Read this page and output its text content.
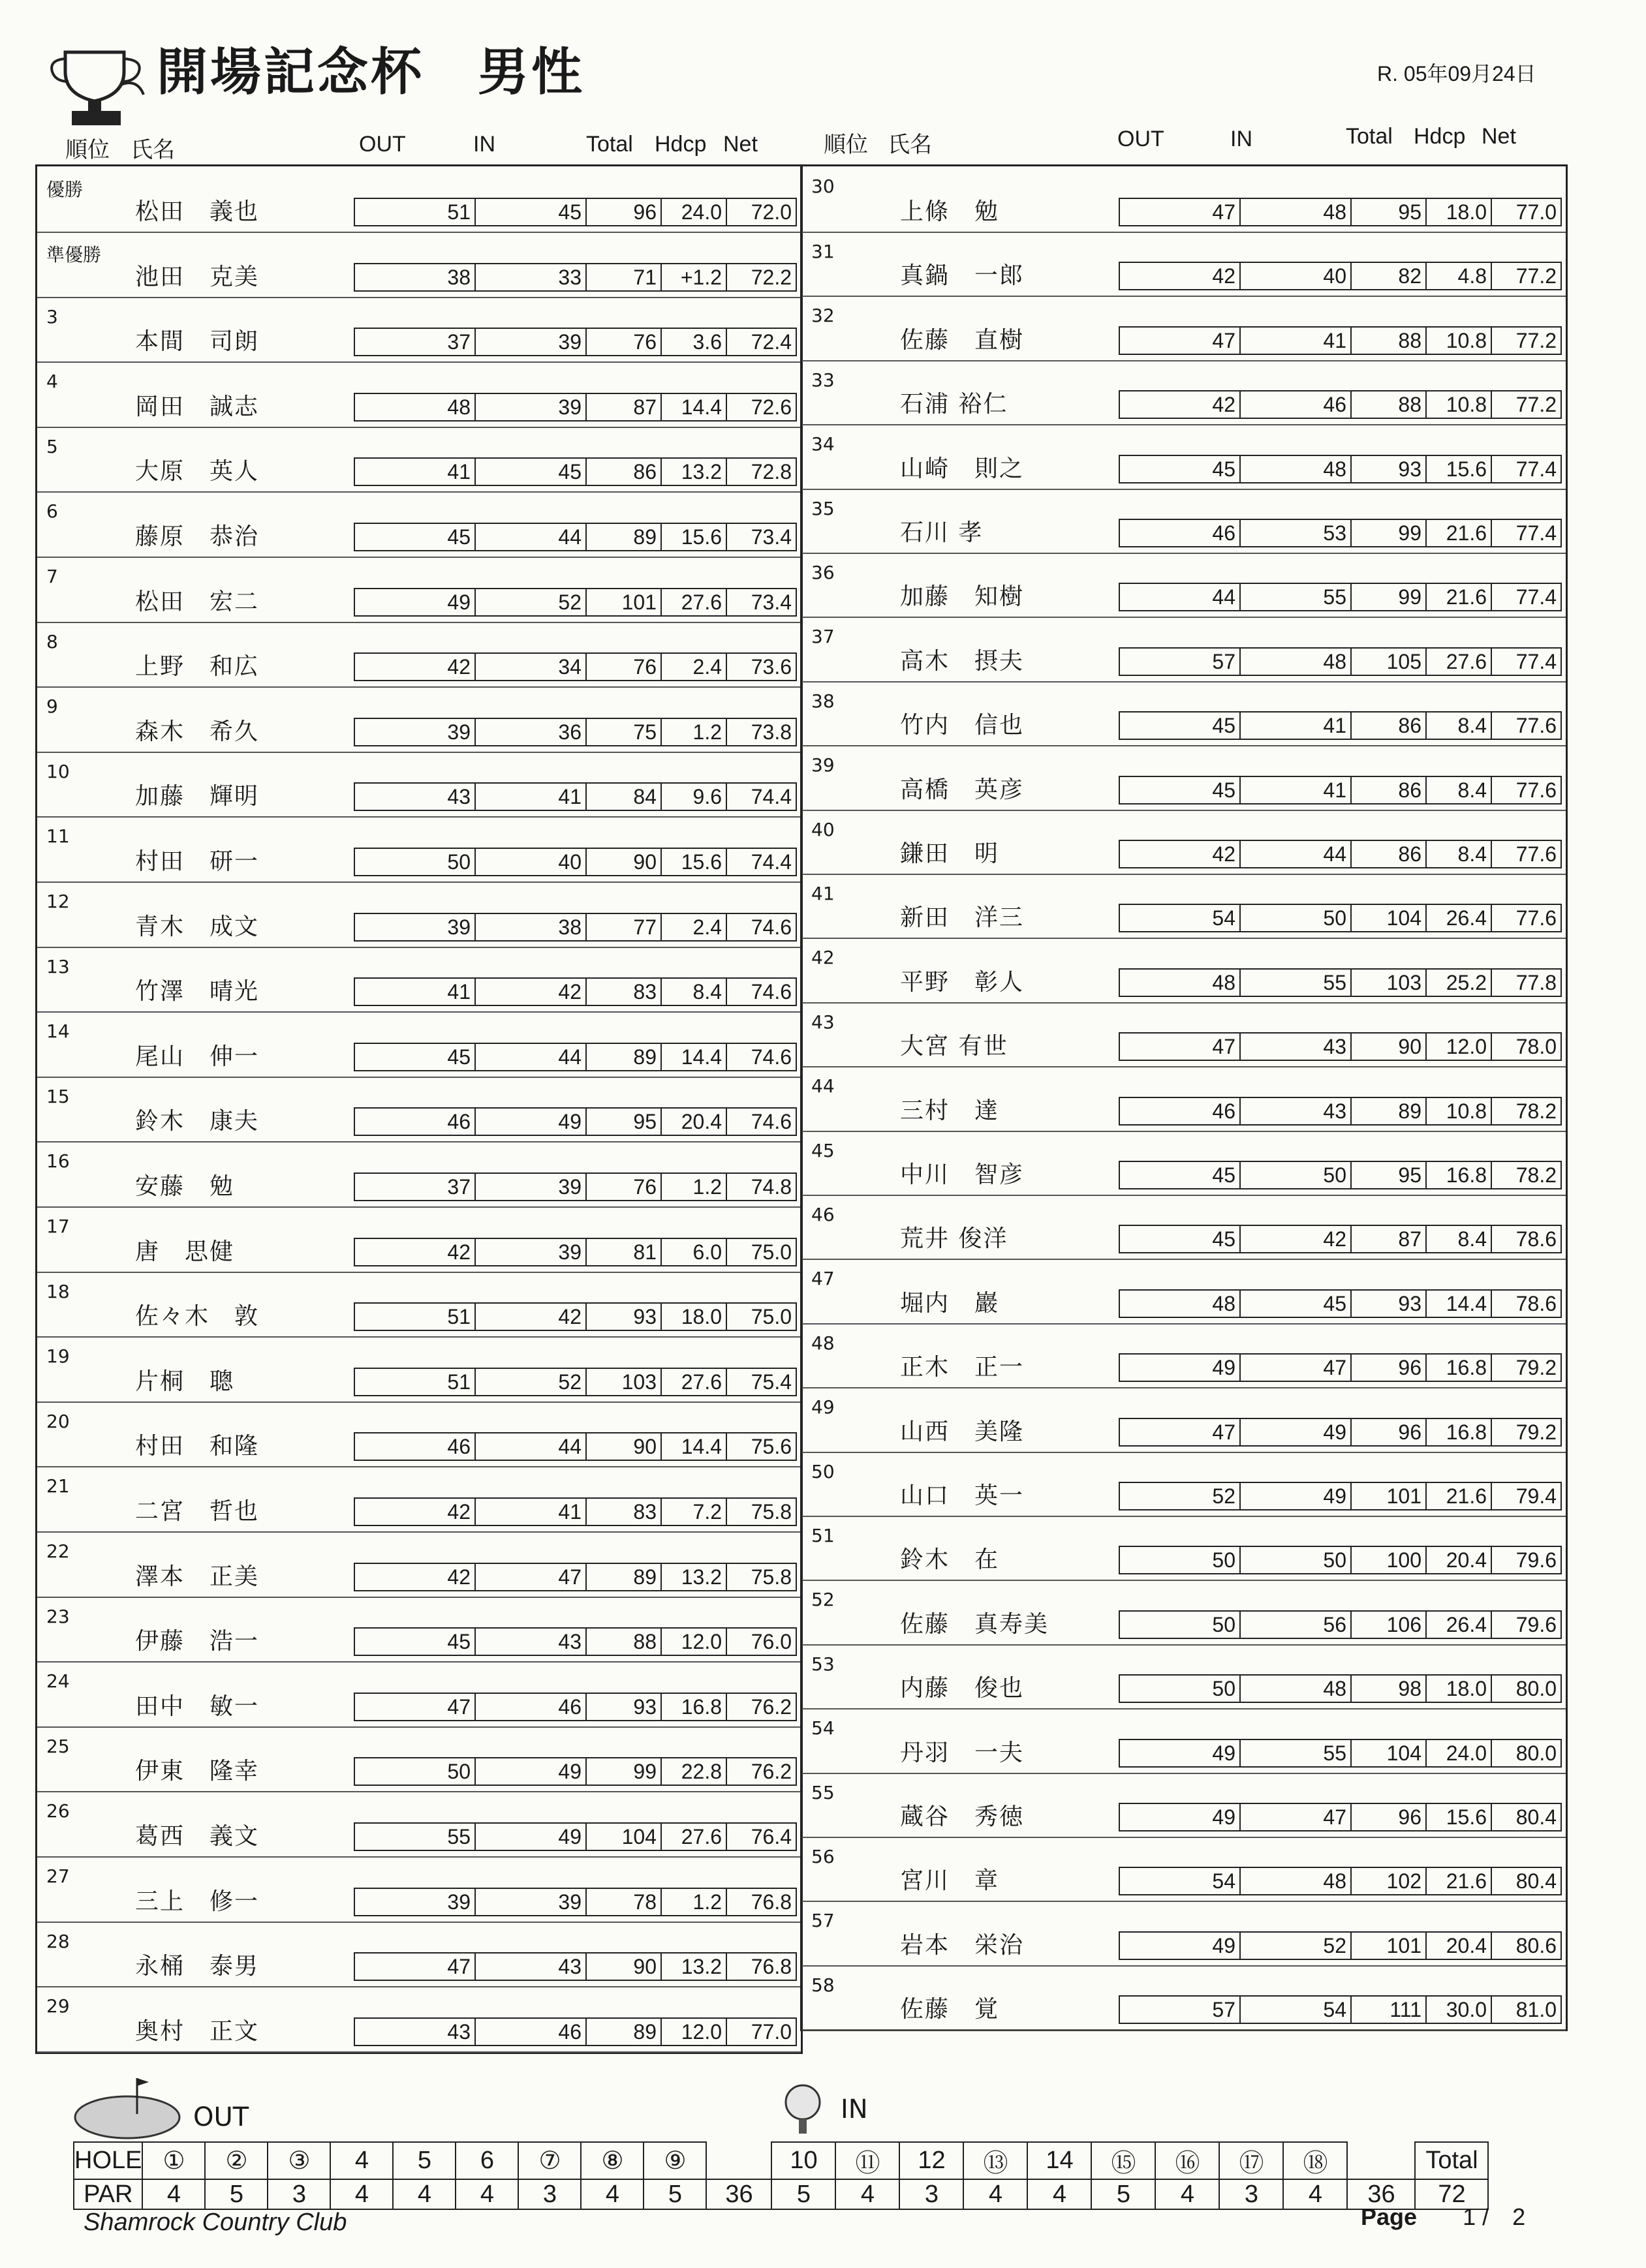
開場記念杯　男性	R. 05年09月24日
順位 氏名	OUT	IN	Total Hdcp Net	順位 氏名	OUT	IN	Total Hdcp Net
優勝
松田　義也	51	45	96	24.0	72.0
準優勝
池田　克美	38	33	71	+1.2	72.2
3
本間　司朗	37	39	76	3.6	72.4
4
岡田　誠志	48	39	87	14.4	72.6
5
大原　英人	41	45	86	13.2	72.8
6
藤原　恭治	45	44	89	15.6	73.4
7
松田　宏二	49	52	101	27.6	73.4
8
上野　和広	42	34	76	2.4	73.6
9
森木　希久	39	36	75	1.2	73.8
10
加藤　輝明	43	41	84	9.6	74.4
11
村田　研一	50	40	90	15.6	74.4
12
青木　成文	39	38	77	2.4	74.6
13
竹澤　晴光	41	42	83	8.4	74.6
14
尾山　伸一	45	44	89	14.4	74.6
15
鈴木　康夫	46	49	95	20.4	74.6
16
安藤　勉	37	39	76	1.2	74.8
17
唐　思健	42	39	81	6.0	75.0
18
佐々木　敦	51	42	93	18.0	75.0
19
片桐　聰	51	52	103	27.6	75.4
20
村田　和隆	46	44	90	14.4	75.6
21
二宮　哲也	42	41	83	7.2	75.8
22
澤本　正美	42	47	89	13.2	75.8
23
伊藤　浩一	45	43	88	12.0	76.0
24
田中　敏一	47	46	93	16.8	76.2
25
伊東　隆幸	50	49	99	22.8	76.2
26
葛西　義文	55	49	104	27.6	76.4
27
三上　修一	39	39	78	1.2	76.8
28
永桶　泰男	47	43	90	13.2	76.8
29
奥村　正文	43	46	89	12.0	77.0
30
上條　勉	47	48	95	18.0	77.0
31
真鍋　一郎	42	40	82	4.8	77.2
32
佐藤　直樹	47	41	88	10.8	77.2
33
石浦 裕仁	42	46	88	10.8	77.2
34
山崎　則之	45	48	93	15.6	77.4
35
石川 孝	46	53	99	21.6	77.4
36
加藤　知樹	44	55	99	21.6	77.4
37
高木　摂夫	57	48	105	27.6	77.4
38
竹内　信也	45	41	86	8.4	77.6
39
高橋　英彦	45	41	86	8.4	77.6
40
鎌田　明	42	44	86	8.4	77.6
41
新田　洋三	54	50	104	26.4	77.6
42
平野　彰人	48	55	103	25.2	77.8
43
大宮 有世	47	43	90	12.0	78.0
44
三村　達	46	43	89	10.8	78.2
45
中川　智彦	45	50	95	16.8	78.2
46
荒井 俊洋	45	42	87	8.4	78.6
47
堀内　巖	48	45	93	14.4	78.6
48
正木　正一	49	47	96	16.8	79.2
49
山西　美隆	47	49	96	16.8	79.2
50
山口　英一	52	49	101	21.6	79.4
51
鈴木　在	50	50	100	20.4	79.6
52
佐藤　真寿美	50	56	106	26.4	79.6
53
内藤　俊也	50	48	98	18.0	80.0
54
丹羽　一夫	49	55	104	24.0	80.0
55
蔵谷　秀徳	49	47	96	15.6	80.4
56
宮川　章	54	48	102	21.6	80.4
57
岩本　栄治	49	52	101	20.4	80.6
58
佐藤　覚	57	54	111	30.0	81.0
OUT	IN
HOLE	①	②	③	4	5	6	⑦	⑧	⑨		10	⑪	12	⑬	14	⑮	⑯	⑰	⑱		Total
PAR	4	5	3	4	4	4	3	4	5	36	5	4	3	4	4	5	4	3	4	36	72
Shamrock Country Club	Page 1 /　2
